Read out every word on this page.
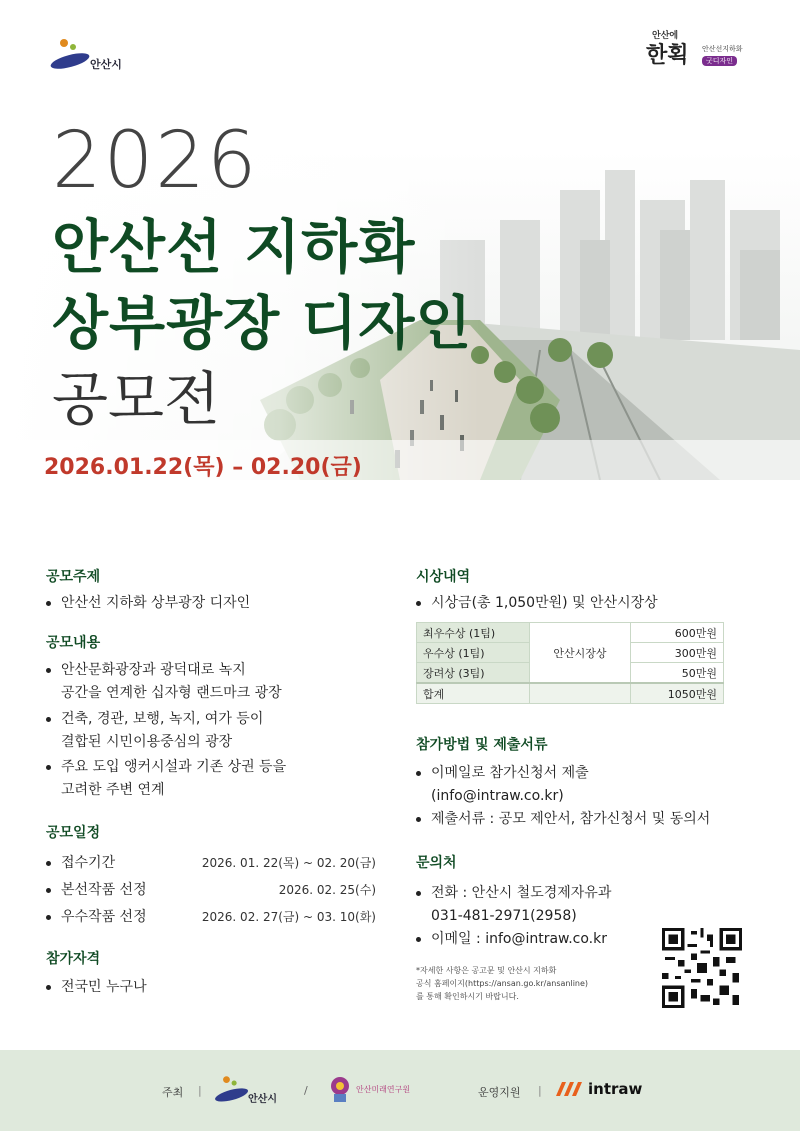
안산시
안산에
한획 안산선지하화
굿디자인
2026
안산선 지하화
상부광장 디자인
공모전
2026.01.22(목) – 02.20(금)
공모주제
안산선 지하화 상부광장 디자인
공모내용
안산문화광장과 광덕대로 녹지
공간을 연계한 십자형 랜드마크 광장
건축, 경관, 보행, 녹지, 여가 등이
결합된 시민이용중심의 광장
주요 도입 앵커시설과 기존 상권 등을
고려한 주변 연계
공모일정
접수기간	2026. 01. 22(목) ~ 02. 20(금)
본선작품 선정	2026. 02. 25(수)
우수작품 선정	2026. 02. 27(금) ~ 03. 10(화)
참가자격
전국민 누구나
시상내역
시상금(총 1,050만원) 및 안산시장상
최우수상 (1팀)	안산시장상	600만원
우수상 (1팀)		300만원
장려상 (3팀)		50만원
합계		1050만원
참가방법 및 제출서류
이메일로 참가신청서 제출
(info@intraw.co.kr)
제출서류 : 공모 제안서, 참가신청서 및 동의서
문의처
전화 : 안산시 철도경제자유과
031-481-2971(2958)
이메일 : info@intraw.co.kr
*자세한 사항은 공고문 및 안산시 지하화
공식 홈페이지(https://ansan.go.kr/ansanline)
를 통해 확인하시기 바랍니다.
주최 |
안산시
/	안산미래연구원	운영지원 |	intraw
